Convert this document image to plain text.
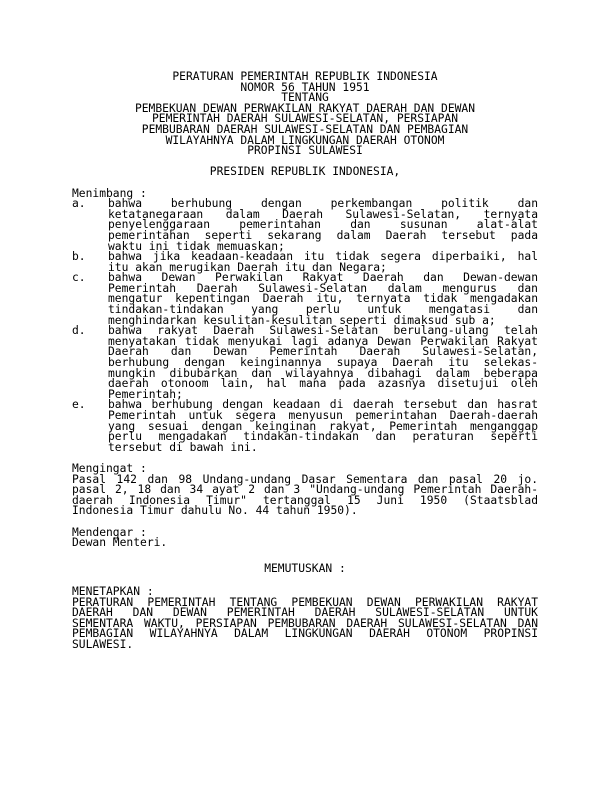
PERATURAN PEMERINTAH REPUBLIK INDONESIA
NOMOR 56 TAHUN 1951
TENTANG
PEMBEKUAN DEWAN PERWAKILAN RAKYAT DAERAH DAN DEWAN
PEMERINTAH DAERAH SULAWESI-SELATAN, PERSIAPAN
PEMBUBARAN DAERAH SULAWESI-SELATAN DAN PEMBAGIAN
WILAYAHNYA DALAM LINGKUNGAN DAERAH OTONOM
PROPINSI SULAWESI
PRESIDEN REPUBLIK INDONESIA,
Menimbang :
a.	bahwa berhubung dengan perkembangan politik dan
ketatanegaraan dalam Daerah Sulawesi-Selatan, ternyata
penyelenggaraan pemerintahan dan susunan alat-alat
pemerintahan seperti sekarang dalam Daerah tersebut pada
waktu ini tidak memuaskan;
b.	bahwa jika keadaan-keadaan itu tidak segera diperbaiki, hal
itu akan merugikan Daerah itu dan Negara;
c.	bahwa Dewan Perwakilan Rakyat Daerah dan Dewan-dewan
Pemerintah Daerah Sulawesi-Selatan dalam mengurus dan
mengatur kepentingan Daerah itu, ternyata tidak mengadakan
tindakan-tindakan yang perlu untuk mengatasi dan
menghindarkan kesulitan-kesulitan seperti dimaksud sub a;
d.	bahwa rakyat Daerah Sulawesi-Selatan berulang-ulang telah
menyatakan tidak menyukai lagi adanya Dewan Perwakilan Rakyat
Daerah dan Dewan Pemerintah Daerah Sulawesi-Selatan,
berhubung dengan keinginannya supaya Daerah itu selekas-
mungkin dibubarkan dan wilayahnya dibahagi dalam beberapa
daerah otonoom lain, hal mana pada azasnya disetujui oleh
Pemerintah;
e.	bahwa berhubung dengan keadaan di daerah tersebut dan hasrat
Pemerintah untuk segera menyusun pemerintahan Daerah-daerah
yang sesuai dengan keinginan rakyat, Pemerintah menganggap
perlu mengadakan tindakan-tindakan dan peraturan seperti
tersebut di bawah ini.
Mengingat :
Pasal 142 dan 98 Undang-undang Dasar Sementara dan pasal 20 jo.
pasal 2, 18 dan 34 ayat 2 dan 3 "Undang-undang Pemerintah Daerah-
daerah Indonesia Timur" tertanggal 15 Juni 1950 (Staatsblad
Indonesia Timur dahulu No. 44 tahun 1950).
Mendengar :
Dewan Menteri.
MEMUTUSKAN :
MENETAPKAN :
PERATURAN PEMERINTAH TENTANG PEMBEKUAN DEWAN PERWAKILAN RAKYAT
DAERAH DAN DEWAN PEMERINTAH DAERAH SULAWESI-SELATAN UNTUK
SEMENTARA WAKTU, PERSIAPAN PEMBUBARAN DAERAH SULAWESI-SELATAN DAN
PEMBAGIAN WILAYAHNYA DALAM LINGKUNGAN DAERAH OTONOM PROPINSI
SULAWESI.
